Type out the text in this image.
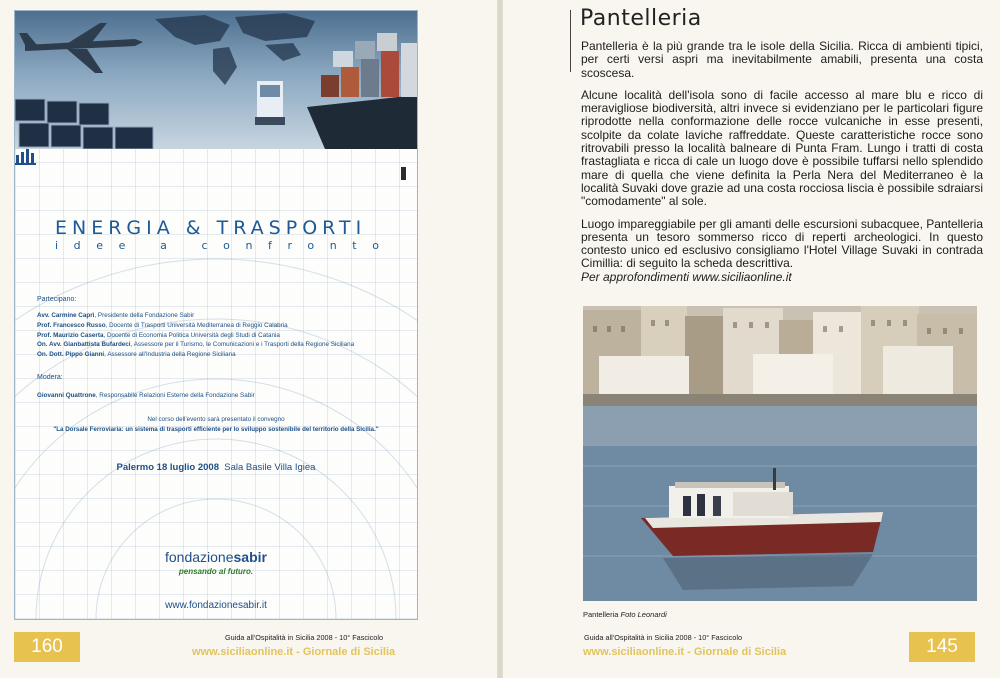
ENERGIA & TRASPORTI
idee a confronto
Partecipano:
Avv. Carmine Caprì, Presidente della Fondazione Sabir
Prof. Francesco Russo, Docente di Trasporti Università Mediterranea di Reggio Calabria
Prof. Maurizio Caserta, Docente di Economia Politica Università degli Studi di Catania
On. Avv. Gianbattista Bufardeci, Assessore per il Turismo, le Comunicazioni e i Trasporti della Regione Siciliana
On. Dott. Pippo Gianni, Assessore all'Industria della Regione Siciliana
Modera:
Giovanni Quattrone, Responsabile Relazioni Esterne della Fondazione Sabir
Nel corso dell'evento sarà presentato il convegno
"La Dorsale Ferroviaria: un sistema di trasporti efficiente per lo sviluppo sostenibile del territorio della Sicilia."
Palermo 18 luglio 2008 Sala Basile Villa Igiea
fondazionesabir
pensando al futuro.
www.fondazionesabir.it
160	Guida all'Ospitalità in Sicilia 2008 - 10° Fascicolo
www.siciliaonline.it - Giornale di Sicilia
Pantelleria

Pantelleria è la più grande tra le isole della Sicilia. Ricca di ambienti tipici, per certi versi aspri ma inevitabilmente amabili, presenta una costa scoscesa.

Alcune località dell'isola sono di facile accesso al mare blu e ricco di meravigliose biodiversità, altri invece si evidenziano per le particolari figure riprodotte nella conformazione delle rocce vulcaniche in esse presenti, scolpite da colate laviche raffreddate. Queste caratteristiche rocce sono ritrovabili presso la località balneare di Punta Fram. Lungo i tratti di costa frastagliata e ricca di cale un luogo dove è possibile tuffarsi nello splendido mare di quella che viene definita la Perla Nera del Mediterraneo è la località Suvaki dove grazie ad una costa rocciosa liscia è possibile sdraiarsi "comodamente" al sole.

Luogo impareggiabile per gli amanti delle escursioni subacquee, Pantelleria presenta un tesoro sommerso ricco di reperti archeologici. In questo contesto unico ed esclusivo consigliamo l'Hotel Village Suvaki in contrada Cimillia: di seguito la scheda descrittiva.
Per approfondimenti www.siciliaonline.it

Pantelleria Foto Leonardi
145
Guida all'Ospitalità in Sicilia 2008 - 10° Fascicolo
www.siciliaonline.it - Giornale di Sicilia
